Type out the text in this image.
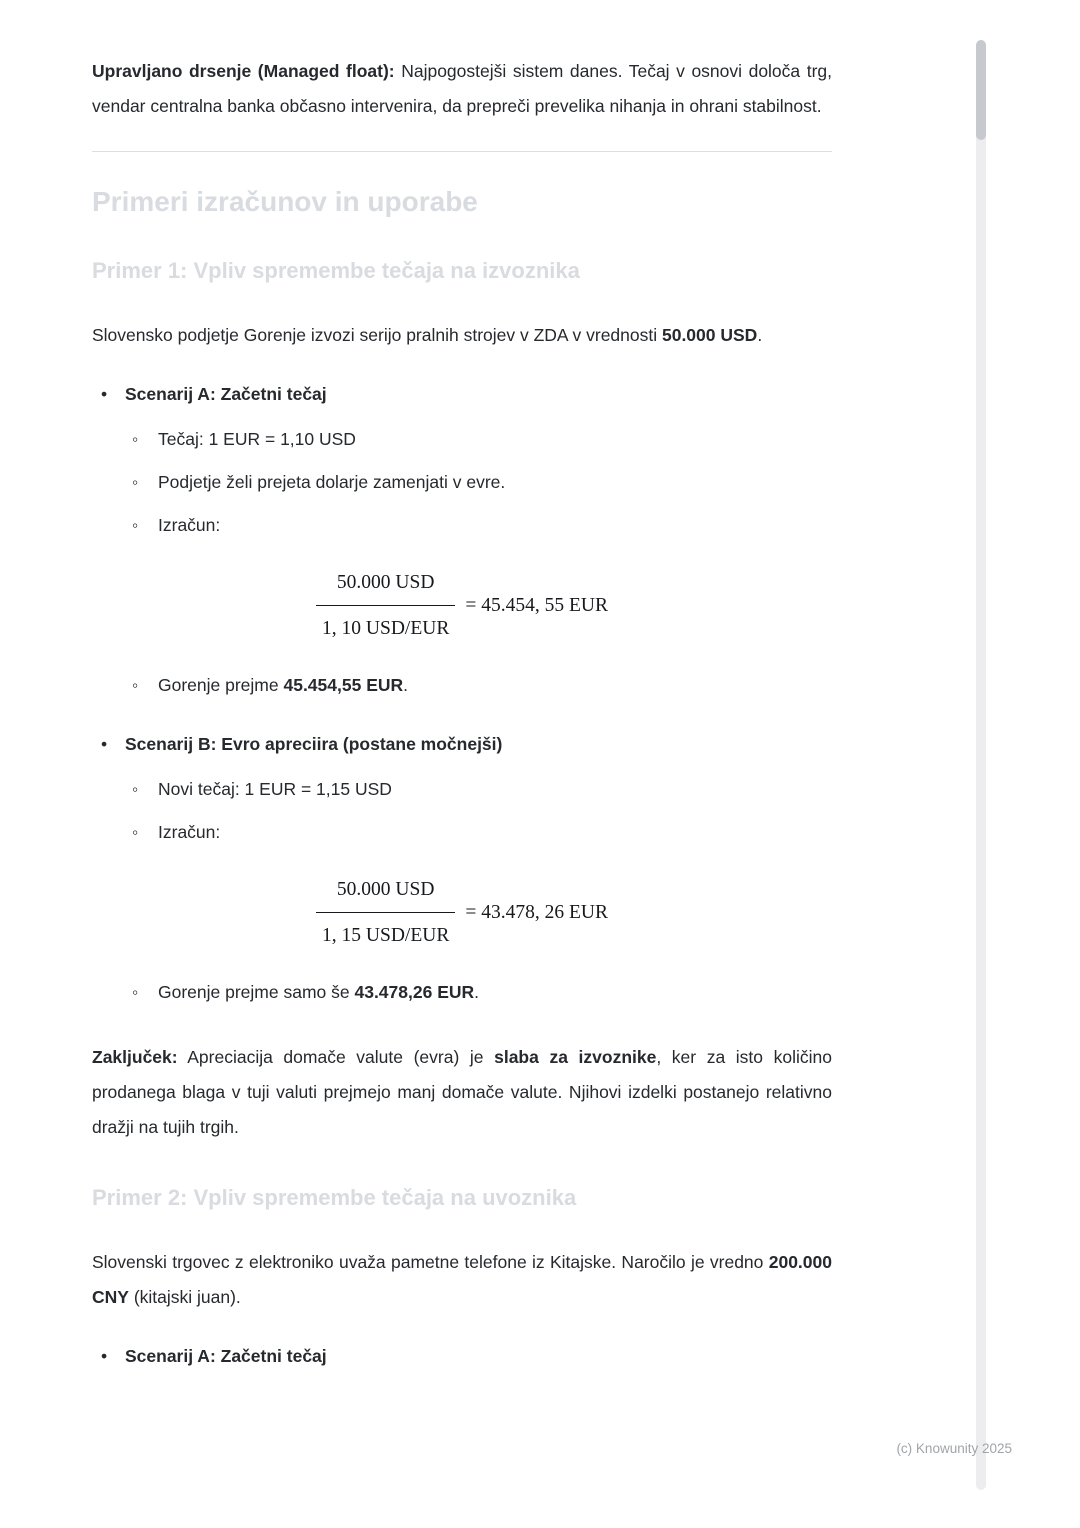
Upravljano drsenje (Managed float): Najpogostejši sistem danes. Tečaj v osnovi določa trg, vendar centralna banka občasno intervenira, da prepreči prevelika nihanja in ohrani stabilnost.

Primeri izračunov in uporabe
Primer 1: Vpliv spremembe tečaja na izvoznika

Slovensko podjetje Gorenje izvozi serijo pralnih strojev v ZDA v vrednosti 50.000 USD.

• Scenarij A: Začetni tečaj
◦ Tečaj: 1 EUR = 1,10 USD
◦ Podjetje želi prejeta dolarje zamenjati v evre.
◦ Izračun:
$\frac{\text{50.000 USD}}{\text{1, 10 USD/EUR}} = 45.454$, 55 EUR
◦ Gorenje prejme 45.454,55 EUR.
• Scenarij B: Evro apreciira (postane močnejši)
◦ Novi tečaj: 1 EUR = 1,15 USD
◦ Izračun:
$\frac{\text{50.000 USD}}{\text{1, 15 USD/EUR}} = 43.478$, 26 EUR
◦ Gorenje prejme samo še 43.478,26 EUR.

Zaključek: Apreciacija domače valute (evra) je slaba za izvoznike, ker za isto količino prodanega blaga v tuji valuti prejmejo manj domače valute. Njihovi izdelki postanejo relativno dražji na tujih trgih.

Primer 2: Vpliv spremembe tečaja na uvoznika

Slovenski trgovec z elektroniko uvaža pametne telefone iz Kitajske. Naročilo je vredno 200.000 CNY (kitajski juan).

• Scenarij A: Začetni tečaj
(c) Knowunity 2025
